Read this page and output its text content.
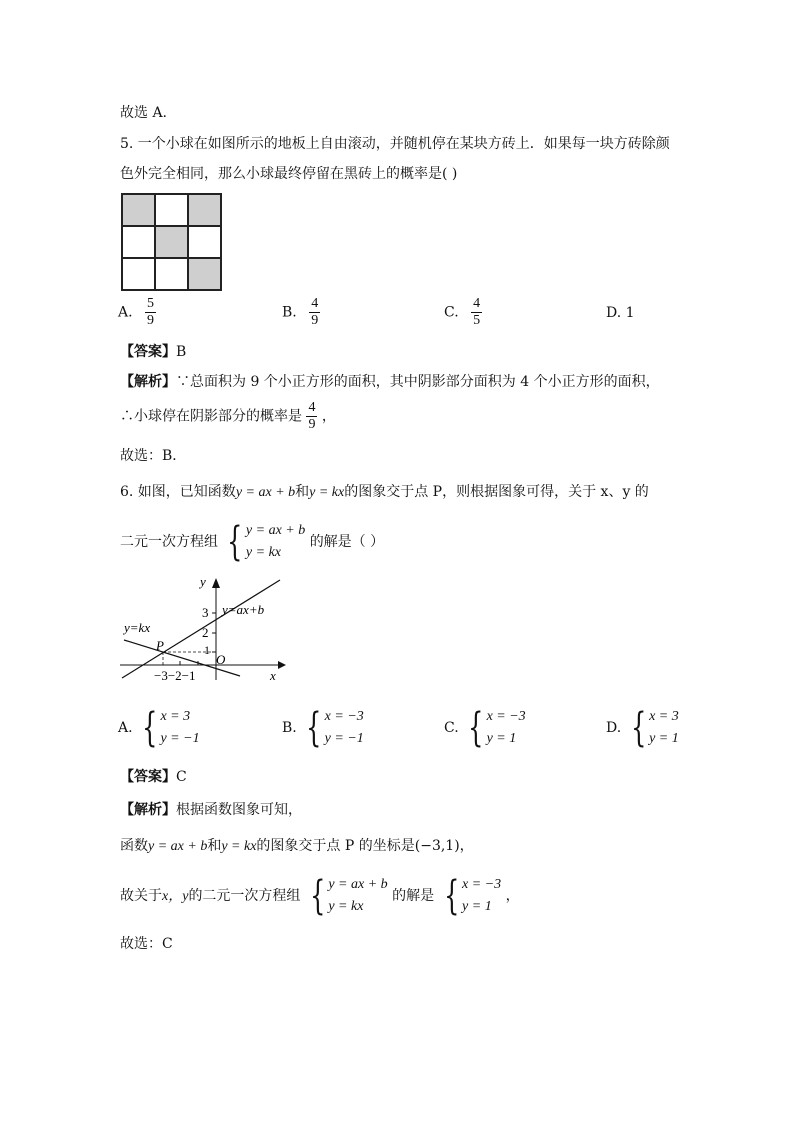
故选 A.
5. 一个小球在如图所示的地板上自由滚动，并随机停在某块方砖上．如果每一块方砖除颜
色外完全相同，那么小球最终停留在黑砖上的概率是( )
A. $\frac{5}{9}$	B. $\frac{4}{9}$	C. $\frac{4}{5}$	D. 1
【答案】B
【解析】∵总面积为 9 个小正方形的面积，其中阴影部分面积为 4 个小正方形的面积，
∴小球停在阴影部分的概率是 $\frac{4}{9}$ ，
故选：B．
6. 如图，已知函数y = ax + b和y = kx的图象交于点 P，则根据图象可得，关于 x、y 的
二元一次方程组 { y = ax + b
y = kx
的解是（ ）
y
x
y=ax+b
y=kx
P
O
3
2
1
−3−2−1
A. { x = 3
y = −1
B. { x = −3
y = −1
C. { x = −3
y = 1
D. { x = 3
y = 1
【答案】C
【解析】根据函数图象可知，
函数y = ax + b和y = kx的图象交于点 P 的坐标是(−3,1)，
故关于x，y的二元一次方程组 { y = ax + b
y = kx
的解是 { x = −3
y = 1
，
故选：C
